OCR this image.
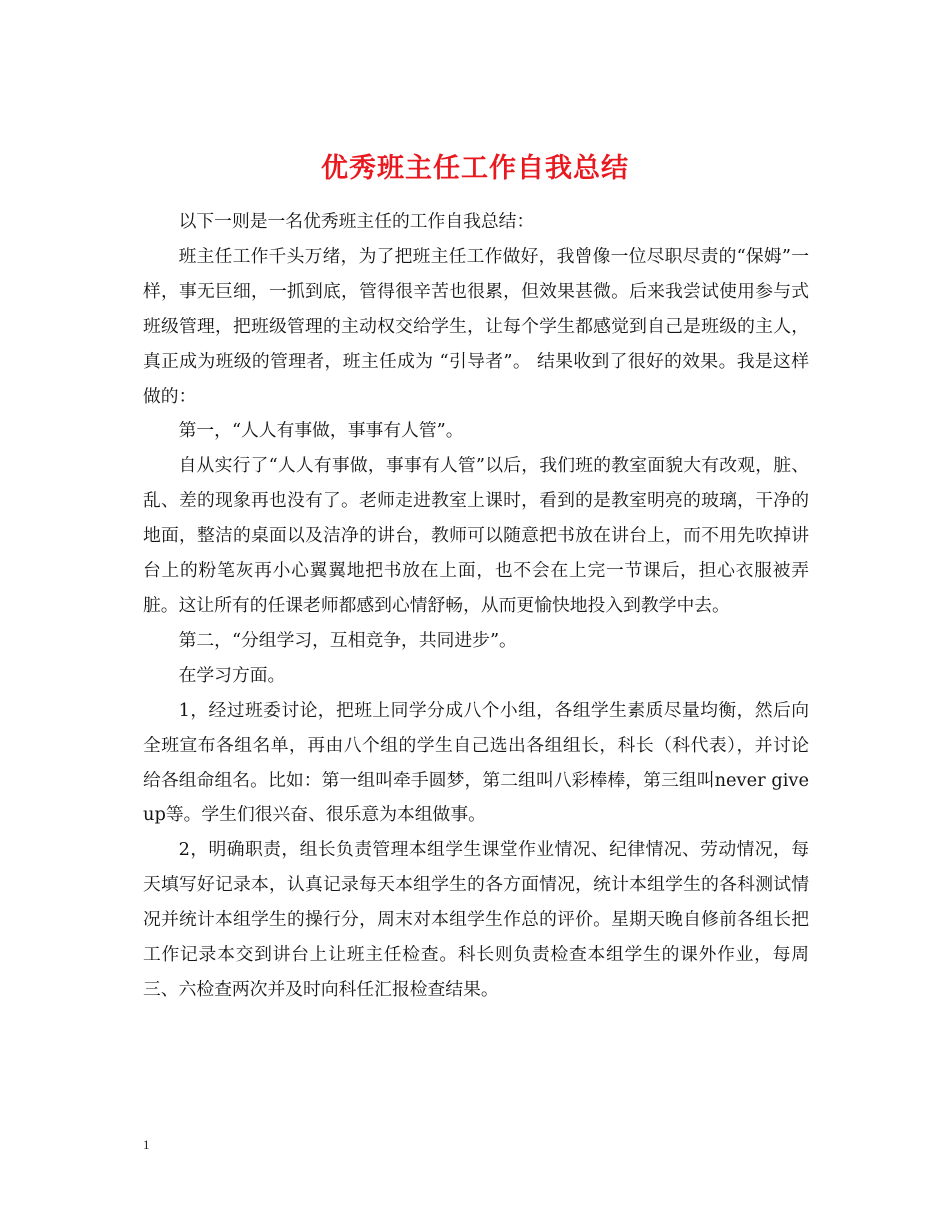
优秀班主任工作自我总结

以下一则是一名优秀班主任的工作自我总结：

班主任工作千头万绪，为了把班主任工作做好，我曾像一位尽职尽责的“保姆”一样，事无巨细，一抓到底，管得很辛苦也很累，但效果甚微。后来我尝试使用参与式班级管理，把班级管理的主动权交给学生，让每个学生都感觉到自己是班级的主人，真正成为班级的管理者，班主任成为 “引导者”。 结果收到了很好的效果。我是这样做的：

第一，“人人有事做，事事有人管”。

自从实行了“人人有事做，事事有人管”以后，我们班的教室面貌大有改观，脏、乱、差的现象再也没有了。老师走进教室上课时，看到的是教室明亮的玻璃，干净的地面，整洁的桌面以及洁净的讲台，教师可以随意把书放在讲台上，而不用先吹掉讲台上的粉笔灰再小心翼翼地把书放在上面，也不会在上完一节课后，担心衣服被弄脏。这让所有的任课老师都感到心情舒畅，从而更愉快地投入到教学中去。

第二，“分组学习，互相竞争，共同进步”。

在学习方面。

1，经过班委讨论，把班上同学分成八个小组，各组学生素质尽量均衡，然后向全班宣布各组名单，再由八个组的学生自己选出各组组长，科长（科代表），并讨论给各组命组名。比如：第一组叫牵手圆梦，第二组叫八彩棒棒，第三组叫never give up等。学生们很兴奋、很乐意为本组做事。

2，明确职责，组长负责管理本组学生课堂作业情况、纪律情况、劳动情况，每天填写好记录本，认真记录每天本组学生的各方面情况，统计本组学生的各科测试情况并统计本组学生的操行分，周末对本组学生作总的评价。星期天晚自修前各组长把工作记录本交到讲台上让班主任检查。科长则负责检查本组学生的课外作业，每周三、六检查两次并及时向科任汇报检查结果。

1
